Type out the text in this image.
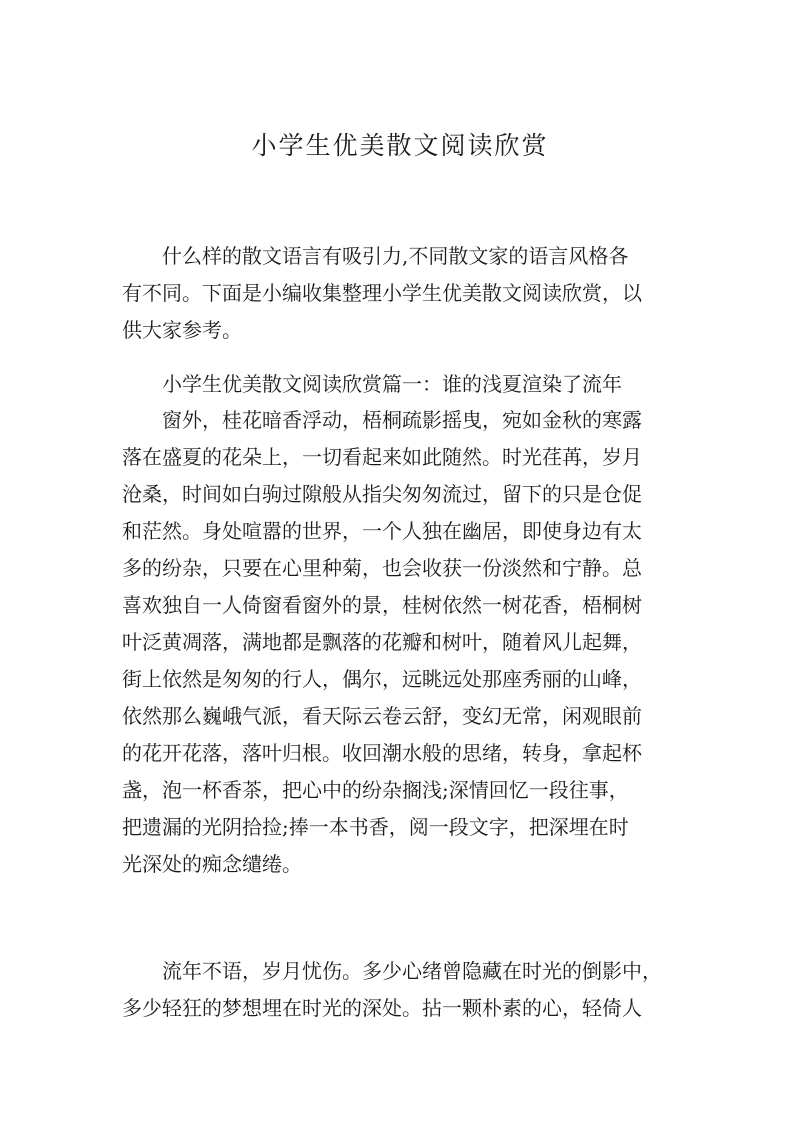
小学生优美散文阅读欣赏
　　什么样的散文语言有吸引力,不同散文家的语言风格各
有不同。下面是小编收集整理小学生优美散文阅读欣赏，以
供大家参考。
　　小学生优美散文阅读欣赏篇一：谁的浅夏渲染了流年
　　窗外，桂花暗香浮动，梧桐疏影摇曳，宛如金秋的寒露
落在盛夏的花朵上，一切看起来如此随然。时光荏苒，岁月
沧桑，时间如白驹过隙般从指尖匆匆流过，留下的只是仓促
和茫然。身处喧嚣的世界，一个人独在幽居，即使身边有太
多的纷杂，只要在心里种菊，也会收获一份淡然和宁静。总
喜欢独自一人倚窗看窗外的景，桂树依然一树花香，梧桐树
叶泛黄凋落，满地都是飘落的花瓣和树叶，随着风儿起舞，
街上依然是匆匆的行人，偶尔，远眺远处那座秀丽的山峰，
依然那么巍峨气派，看天际云卷云舒，变幻无常，闲观眼前
的花开花落，落叶归根。收回潮水般的思绪，转身，拿起杯
盏，泡一杯香茶，把心中的纷杂搁浅;深情回忆一段往事，
把遗漏的光阴拾捡;捧一本书香，阅一段文字，把深埋在时
光深处的痴念缱绻。
　　流年不语，岁月忧伤。多少心绪曾隐藏在时光的倒影中，
多少轻狂的梦想埋在时光的深处。拈一颗朴素的心，轻倚人
